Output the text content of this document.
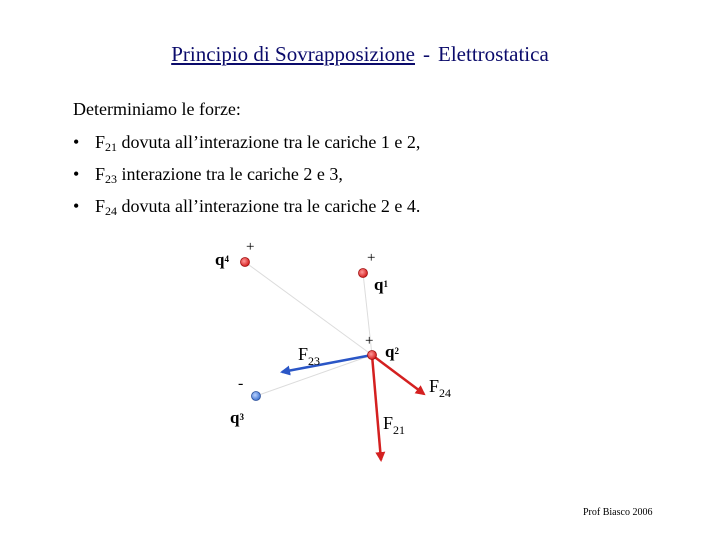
Principio di Sovrapposizione - Elettrostatica
Determiniamo le forze:
• $F_{21}$ dovuta all’interazione tra le cariche 1 e 2,
• $F_{23}$ interazione tra le cariche 2 e 3,
• $F_{24}$ dovuta all’interazione tra le cariche 2 e 4.
+
q4	+
q1
+
q2
-
q3
$F_{23}$
$F_{24}$
$F_{21}$
Prof Biasco 2006
